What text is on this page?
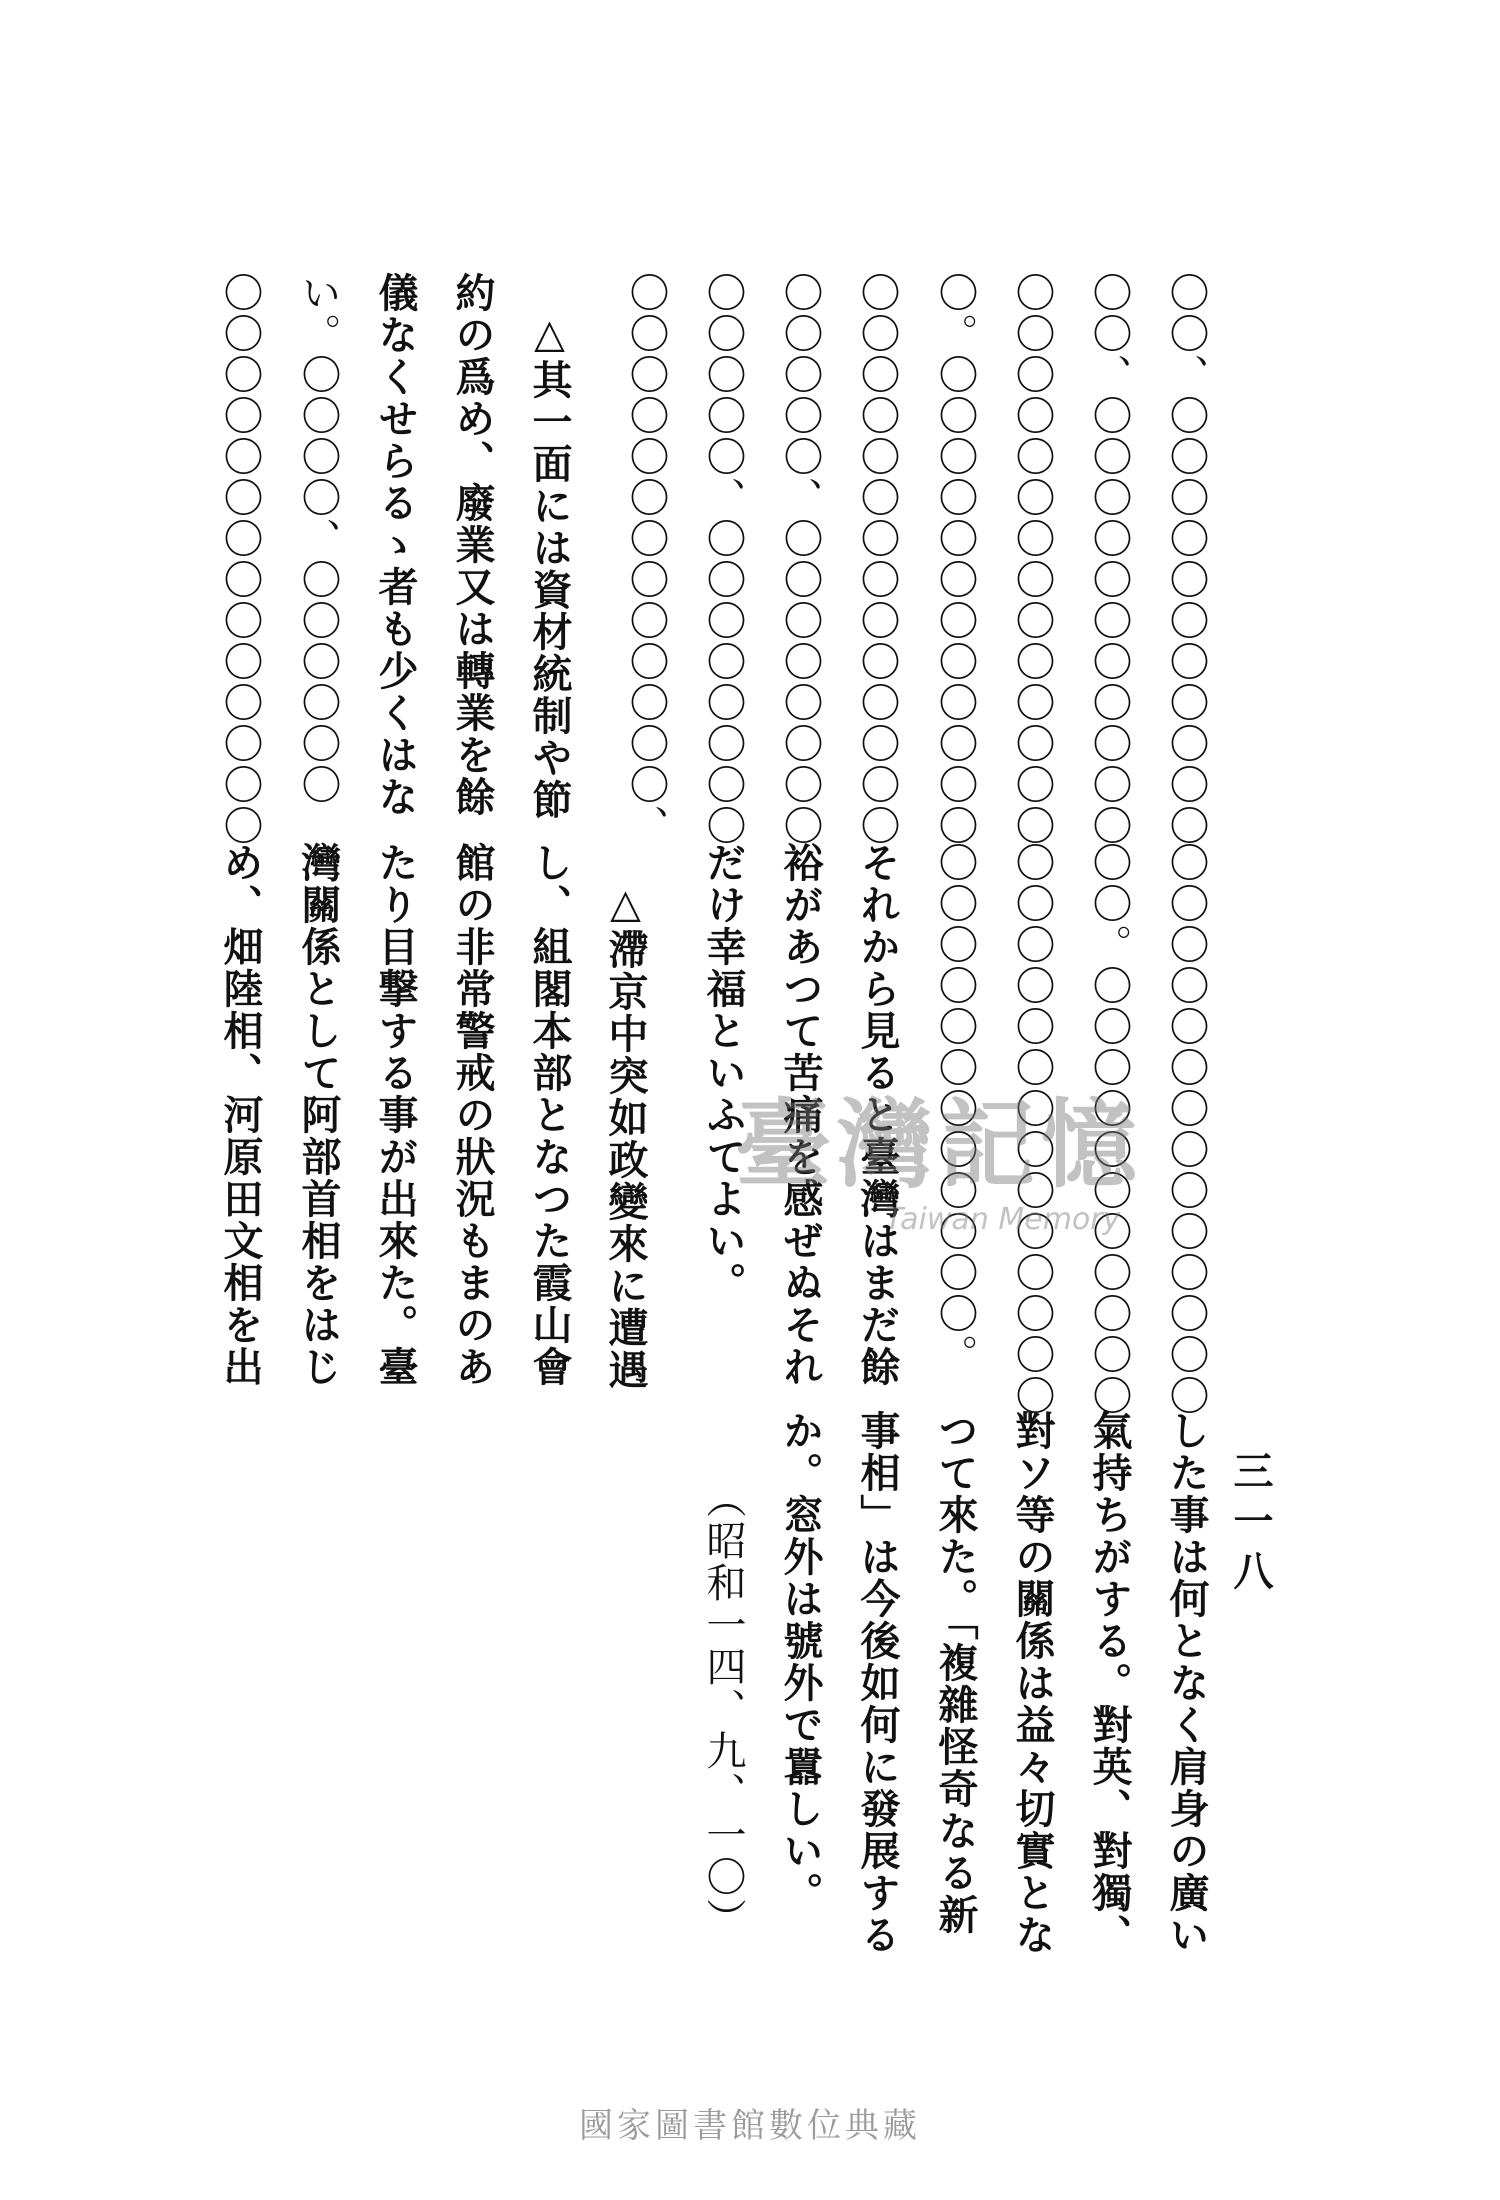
三一八
〇〇、〇〇〇〇〇〇〇〇〇〇〇
〇〇、〇〇〇〇〇〇〇〇〇〇〇
〇〇〇〇〇〇〇〇〇〇〇〇〇〇
〇。〇〇〇〇〇〇〇〇〇〇〇〇
〇〇〇〇〇〇〇〇〇〇〇〇〇〇
〇〇〇〇〇、〇〇〇〇〇〇〇〇
〇〇〇〇〇、〇〇〇〇〇〇〇〇
〇〇〇〇〇〇〇〇〇〇〇〇〇、
△其一面には資材統制や節
約の爲め、廢業又は轉業を餘
儀なくせらるゝ者も少くはな
い。〇〇〇〇、〇〇〇〇〇〇
〇〇〇〇〇〇〇〇〇〇〇〇〇〇
〇〇〇〇〇〇〇〇〇〇〇〇〇〇
〇〇。〇〇〇〇〇〇〇〇〇〇〇
〇〇〇〇〇〇〇〇〇〇〇〇〇〇
〇〇〇〇〇〇〇〇〇〇〇〇。
それから見ると臺灣はまだ餘
裕があつて苦痛を感ぜぬそれ
だけ幸福といふてよい。
△滯京中突如政變來に遭遇
し、組閣本部となつた霞山會
館の非常警戒の狀況もまのあ
たり目撃する事が出來た。臺
灣關係として阿部首相をはじ
め、畑陸相、河原田文相を出
した事は何となく肩身の廣い
氣持ちがする。對英、對獨、
對ソ等の關係は益々切實とな
つて來た。「複雜怪奇なる新
事相」は今後如何に發展する
か。窓外は號外で囂しい。
（昭和一四、九、一〇）
臺灣記憶
Taiwan Memory
國家圖書館數位典藏
